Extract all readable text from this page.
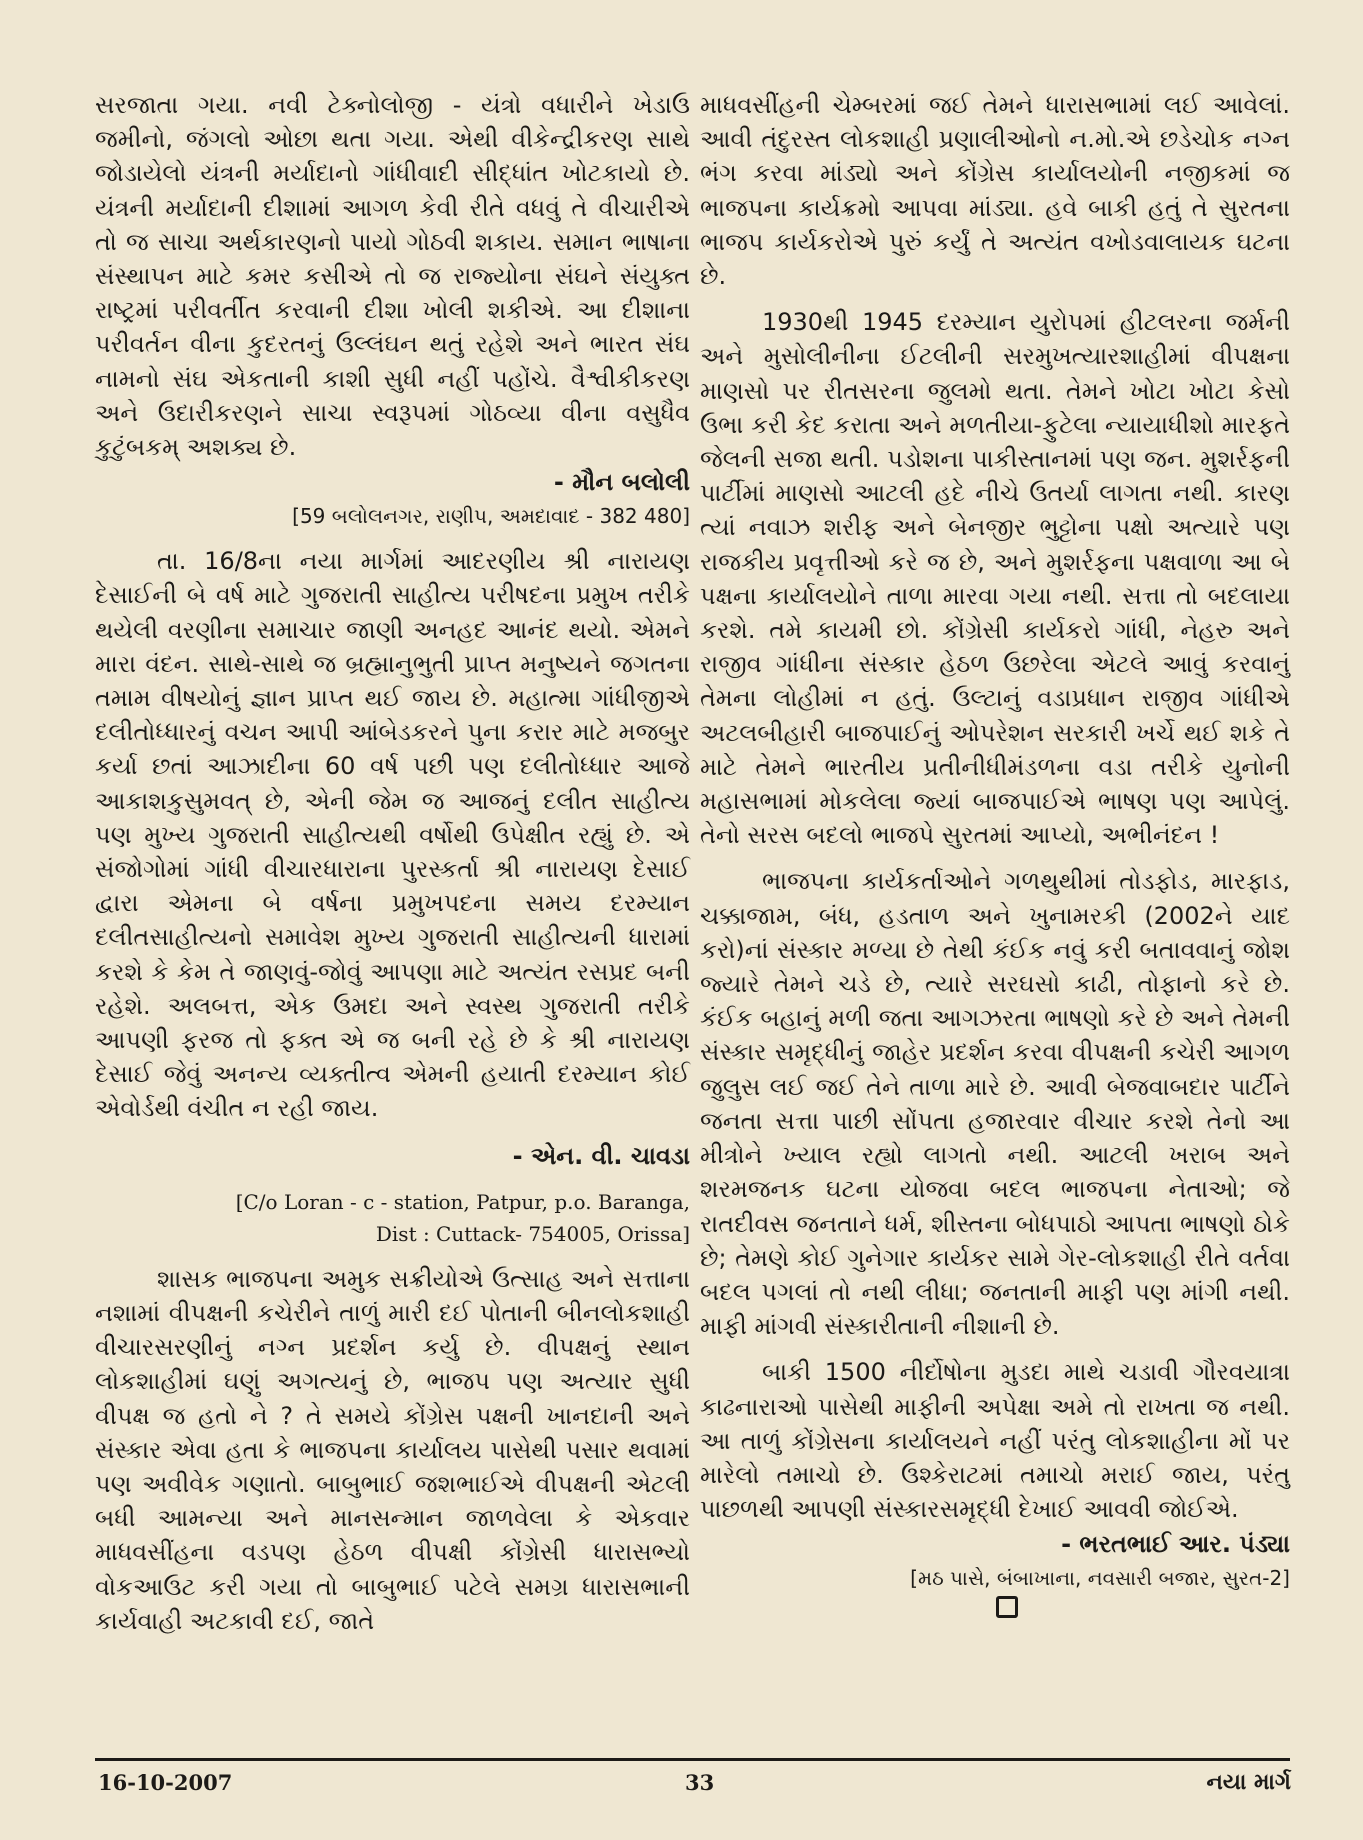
સરજાતા ગયા. નવી ટેક્નોલોજી - યંત્રો વધારીને ખેડાઉ જમીનો, જંગલો ઓછા થતા ગયા. એથી વીકેન્દ્રીકરણ સાથે જોડાયેલો યંત્રની મર્યાદાનો ગાંધીવાદી સીદ્ધાંત ખોટકાયો છે. યંત્રની મર્યાદાની દીશામાં આગળ કેવી રીતે વધવું તે વીચારીએ તો જ સાચા અર્થકારણનો પાયો ગોઠવી શકાય. સમાન ભાષાના સંસ્થાપન માટે કમર કસીએ તો જ રાજ્યોના સંઘને સંયુક્ત રાષ્ટ્રમાં પરીવર્તીત કરવાની દીશા ખોલી શકીએ. આ દીશાના પરીવર્તન વીના કુદરતનું ઉલ્લંઘન થતું રહેશે અને ભારત સંઘ નામનો સંઘ એકતાની કાશી સુધી નહીં પહોંચે. વૈશ્વીકીકરણ અને ઉદારીકરણને સાચા સ્વરૂપમાં ગોઠવ્યા વીના વસુધૈવ કુટુંબકમ્ અશક્ય છે.

- મૌન બલોલી
[59 બલોલનગર, રાણીપ, અમદાવાદ - 382 480]

તા. 16/8ના નયા માર્ગમાં આદરણીય શ્રી નારાયણ દેસાઈની બે વર્ષ માટે ગુજરાતી સાહીત્ય પરીષદના પ્રમુખ તરીકે થયેલી વરણીના સમાચાર જાણી અનહદ આનંદ થયો. એમને મારા વંદન. સાથે-સાથે જ બ્રહ્માનુભુતી પ્રાપ્ત મનુષ્યને જગતના તમામ વીષયોનું જ્ઞાન પ્રાપ્ત થઈ જાય છે. મહાત્મા ગાંધીજીએ દલીતોધ્ધારનું વચન આપી આંબેડકરને પુના કરાર માટે મજબુર કર્યા છતાં આઝાદીના 60 વર્ષ પછી પણ દલીતોધ્ધાર આજે આકાશકુસુમવત્ છે, એની જેમ જ આજનું દલીત સાહીત્ય પણ મુખ્ય ગુજરાતી સાહીત્યથી વર્ષોથી ઉપેક્ષીત રહ્યું છે. એ સંજોગોમાં ગાંધી વીચારધારાના પુરસ્કર્તા શ્રી નારાયણ દેસાઈ દ્વારા એમના બે વર્ષના પ્રમુખપદના સમય દરમ્યાન દલીતસાહીત્યનો સમાવેશ મુખ્ય ગુજરાતી સાહીત્યની ધારામાં કરશે કે કેમ તે જાણવું-જોવું આપણા માટે અત્યંત રસપ્રદ બની રહેશે. અલબત્ત, એક ઉમદા અને સ્વસ્થ ગુજરાતી તરીકે આપણી ફરજ તો ફક્ત એ જ બની રહે છે કે શ્રી નારાયણ દેસાઈ જેવું અનન્ય વ્યક્તીત્વ એમની હયાતી દરમ્યાન કોઈ એવોર્ડથી વંચીત ન રહી જાય.

- એન. વી. ચાવડા
[C/o Loran - c - station, Patpur, p.o. Baranga,
Dist : Cuttack- 754005, Orissa]

શાસક ભાજપના અમુક સક્રીયોએ ઉત્સાહ અને સત્તાના નશામાં વીપક્ષની કચેરીને તાળું મારી દઈ પોતાની બીનલોકશાહી વીચારસરણીનું નગ્ન પ્રદર્શન કર્યુ છે. વીપક્ષનું સ્થાન લોકશાહીમાં ઘણું અગત્યનું છે, ભાજપ પણ અત્યાર સુધી વીપક્ષ જ હતો ને ? તે સમયે કોંગ્રેસ પક્ષની ખાનદાની અને સંસ્કાર એવા હતા કે ભાજપના કાર્યાલય પાસેથી પસાર થવામાં પણ અવીવેક ગણાતો. બાબુભાઈ જશભાઈએ વીપક્ષની એટલી બધી આમન્યા અને માનસન્માન જાળવેલા કે એકવાર માધવસીંહના વડપણ હેઠળ વીપક્ષી કોંગ્રેસી ધારાસભ્યો વોકઆઉટ કરી ગયા તો બાબુભાઈ પટેલે સમગ્ર ધારાસભાની કાર્યવાહી અટકાવી દઈ, જાતે

માધવસીંહની ચેમ્બરમાં જઈ તેમને ધારાસભામાં લઈ આવેલાં. આવી તંદુરસ્ત લોકશાહી પ્રણાલીઓનો ન.મો.એ છડેચોક નગ્ન ભંગ કરવા માંડ્યો અને કોંગ્રેસ કાર્યાલયોની નજીકમાં જ ભાજપના કાર્યક્રમો આપવા માંડ્યા. હવે બાકી હતું તે સુરતના ભાજપ કાર્યકરોએ પુરું કર્યું તે અત્યંત વખોડવાલાયક ઘટના છે.

1930થી 1945 દરમ્યાન યુરોપમાં હીટલરના જર્મની અને મુસોલીનીના ઈટલીની સરમુખત્યારશાહીમાં વીપક્ષના માણસો પર રીતસરના જુલમો થતા. તેમને ખોટા ખોટા કેસો ઉભા કરી કેદ કરાતા અને મળતીયા-ફુટેલા ન્યાયાધીશો મારફતે જેલની સજા થતી. પડોશના પાકીસ્તાનમાં પણ જન. મુશર્રફની પાર્ટીમાં માણસો આટલી હદે નીચે ઉતર્યા લાગતા નથી. કારણ ત્યાં નવાઝ શરીફ અને બેનજીર ભુટ્ટોના પક્ષો અત્યારે પણ રાજકીય પ્રવૃત્તીઓ કરે જ છે, અને મુશર્રફના પક્ષવાળા આ બે પક્ષના કાર્યાલયોને તાળા મારવા ગયા નથી. સત્તા તો બદલાયા કરશે. તમે કાયમી છો. કોંગ્રેસી કાર્યકરો ગાંધી, નેહરુ અને રાજીવ ગાંધીના સંસ્કાર હેઠળ ઉછરેલા એટલે આવું કરવાનું તેમના લોહીમાં ન હતું. ઉલ્ટાનું વડાપ્રધાન રાજીવ ગાંધીએ અટલબીહારી બાજપાઈનું ઓપરેશન સરકારી ખર્ચે થઈ શકે તે માટે તેમને ભારતીય પ્રતીનીધીમંડળના વડા તરીકે યુનોની મહાસભામાં મોકલેલા જ્યાં બાજપાઈએ ભાષણ પણ આપેલું. તેનો સરસ બદલો ભાજપે સુરતમાં આપ્યો, અભીનંદન !

ભાજપના કાર્યકર્તાઓને ગળથુથીમાં તોડફોડ, મારફાડ, ચક્કાજામ, બંધ, હડતાળ અને ખુનામરકી (2002ને યાદ કરો)નાં સંસ્કાર મળ્યા છે તેથી કંઈક નવું કરી બતાવવાનું જોશ જ્યારે તેમને ચડે છે, ત્યારે સરઘસો કાઢી, તોફાનો કરે છે. કંઈક બહાનું મળી જતા આગઝરતા ભાષણો કરે છે અને તેમની સંસ્કાર સમૃદ્ધીનું જાહેર પ્રદર્શન કરવા વીપક્ષની કચેરી આગળ જુલુસ લઈ જઈ તેને તાળા મારે છે. આવી બેજવાબદાર પાર્ટીને જનતા સત્તા પાછી સોંપતા હજારવાર વીચાર કરશે તેનો આ મીત્રોને ખ્યાલ રહ્યો લાગતો નથી. આટલી ખરાબ અને શરમજનક ઘટના યોજવા બદલ ભાજપના નેતાઓ; જે રાતદીવસ જનતાને ધર્મ, શીસ્તના બોધપાઠો આપતા ભાષણો ઠોકે છે; તેમણે કોઈ ગુનેગાર કાર્યકર સામે ગેર-લોકશાહી રીતે વર્તવા બદલ પગલાં તો નથી લીધા; જનતાની માફી પણ માંગી નથી. માફી માંગવી સંસ્કારીતાની નીશાની છે.

બાકી 1500 નીર્દોષોના મુડદા માથે ચડાવી ગૌરવયાત્રા કાઢનારાઓ પાસેથી માફીની અપેક્ષા અમે તો રાખતા જ નથી. આ તાળું કોંગ્રેસના કાર્યાલયને નહીં પરંતુ લોકશાહીના મોં પર મારેલો તમાચો છે. ઉશ્કેરાટમાં તમાચો મરાઈ જાય, પરંતુ પાછળથી આપણી સંસ્કારસમૃદ્ધી દેખાઈ આવવી જોઈએ.

- ભરતભાઈ આર. પંડ્યા
[મઠ પાસે, બંબાખાના, નવસારી બજાર, સુરત-2]
16-10-2007	33	નયા માર્ગ
